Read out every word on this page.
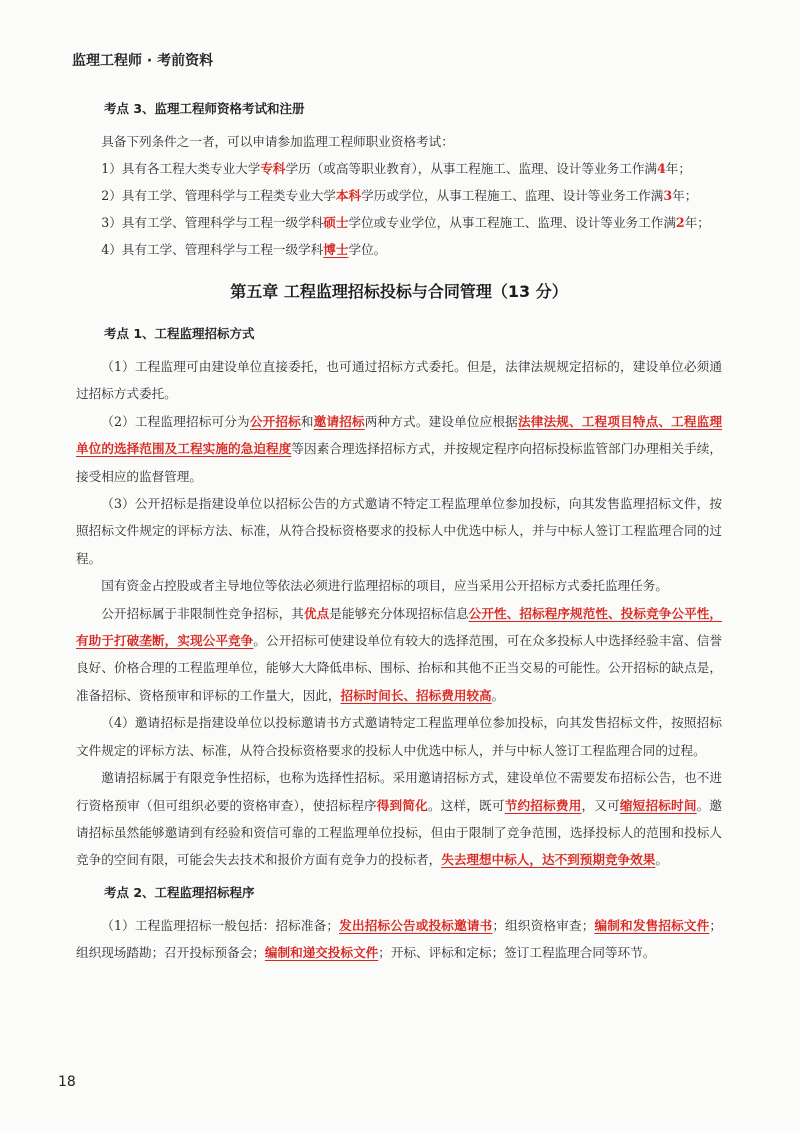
监理工程师 · 考前资料
考点 3、监理工程师资格考试和注册

具备下列条件之一者，可以申请参加监理工程师职业资格考试：

1）具有各工程大类专业大学专科学历（或高等职业教育），从事工程施工、监理、设计等业务工作满4年；

2）具有工学、管理科学与工程类专业大学本科学历或学位，从事工程施工、监理、设计等业务工作满3年；

3）具有工学、管理科学与工程一级学科硕士学位或专业学位，从事工程施工、监理、设计等业务工作满2年；

4）具有工学、管理科学与工程一级学科博士学位。

第五章 工程监理招标投标与合同管理（13 分）
考点 1、工程监理招标方式

（1）工程监理可由建设单位直接委托，也可通过招标方式委托。但是，法律法规规定招标的，建设单位必须通过招标方式委托。

（2）工程监理招标可分为公开招标和邀请招标两种方式。建设单位应根据法律法规、工程项目特点、工程监理单位的选择范围及工程实施的急迫程度等因素合理选择招标方式，并按规定程序向招标投标监管部门办理相关手续，接受相应的监督管理。

（3）公开招标是指建设单位以招标公告的方式邀请不特定工程监理单位参加投标，向其发售监理招标文件，按照招标文件规定的评标方法、标准，从符合投标资格要求的投标人中优选中标人，并与中标人签订工程监理合同的过程。

国有资金占控股或者主导地位等依法必须进行监理招标的项目，应当采用公开招标方式委托监理任务。

公开招标属于非限制性竞争招标，其优点是能够充分体现招标信息公开性、招标程序规范性、投标竞争公平性，有助于打破垄断，实现公平竞争。公开招标可使建设单位有较大的选择范围，可在众多投标人中选择经验丰富、信誉良好、价格合理的工程监理单位，能够大大降低串标、围标、抬标和其他不正当交易的可能性。公开招标的缺点是，准备招标、资格预审和评标的工作量大，因此，招标时间长、招标费用较高。

（4）邀请招标是指建设单位以投标邀请书方式邀请特定工程监理单位参加投标，向其发售招标文件，按照招标文件规定的评标方法、标准，从符合投标资格要求的投标人中优选中标人，并与中标人签订工程监理合同的过程。

邀请招标属于有限竞争性招标，也称为选择性招标。采用邀请招标方式，建设单位不需要发布招标公告，也不进行资格预审（但可组织必要的资格审查），使招标程序得到简化。这样，既可节约招标费用，又可缩短招标时间。邀请招标虽然能够邀请到有经验和资信可靠的工程监理单位投标，但由于限制了竞争范围，选择投标人的范围和投标人竞争的空间有限，可能会失去技术和报价方面有竞争力的投标者，失去理想中标人，达不到预期竞争效果。

考点 2、工程监理招标程序

（1）工程监理招标一般包括：招标准备；发出招标公告或投标邀请书；组织资格审查；编制和发售招标文件；组织现场踏勘；召开投标预备会；编制和递交投标文件；开标、评标和定标；签订工程监理合同等环节。

18
